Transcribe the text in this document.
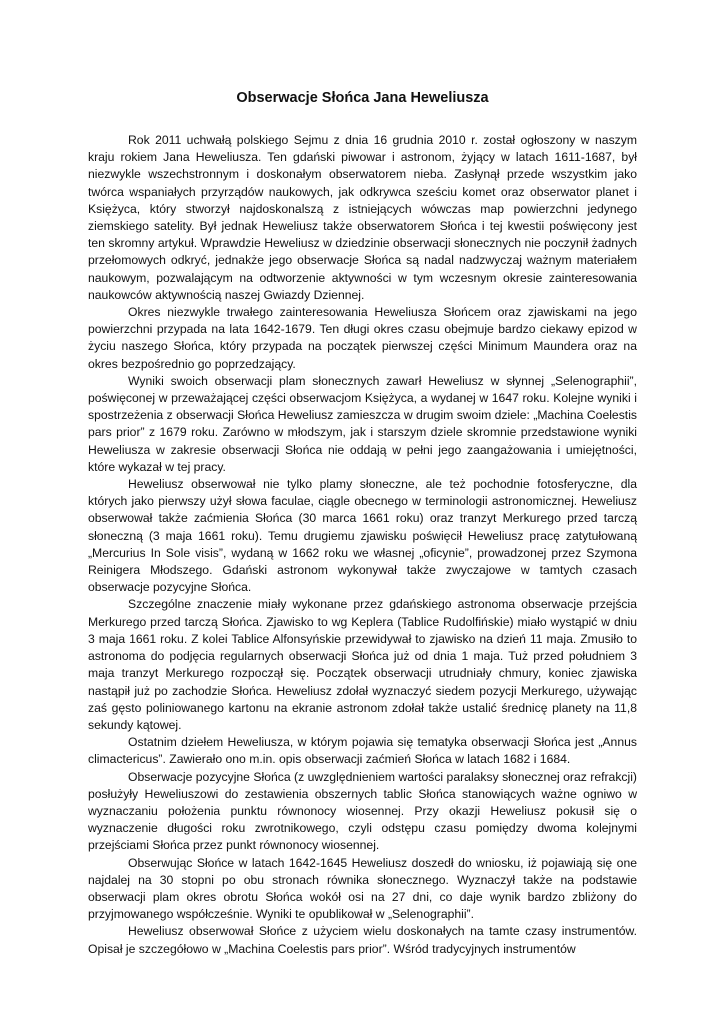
Obserwacje Słońca Jana Heweliusza

Rok 2011 uchwałą polskiego Sejmu z dnia 16 grudnia 2010 r. został ogłoszony w naszym kraju rokiem Jana Heweliusza. Ten gdański piwowar i astronom, żyjący w latach 1611-1687, był niezwykle wszechstronnym i doskonałym obserwatorem nieba. Zasłynął przede wszystkim jako twórca wspaniałych przyrządów naukowych, jak odkrywca sześciu komet oraz obserwator planet i Księżyca, który stworzył najdoskonalszą z istniejących wówczas map powierzchni jedynego ziemskiego satelity. Był jednak Heweliusz także obserwatorem Słońca i tej kwestii poświęcony jest ten skromny artykuł. Wprawdzie Heweliusz w dziedzinie obserwacji słonecznych nie poczynił żadnych przełomowych odkryć, jednakże jego obserwacje Słońca są nadal nadzwyczaj ważnym materiałem naukowym, pozwalającym na odtworzenie aktywności w tym wczesnym okresie zainteresowania naukowców aktywnością naszej Gwiazdy Dziennej.

Okres niezwykle trwałego zainteresowania Heweliusza Słońcem oraz zjawiskami na jego powierzchni przypada na lata 1642-1679. Ten długi okres czasu obejmuje bardzo ciekawy epizod w życiu naszego Słońca, który przypada na początek pierwszej części Minimum Maundera oraz na okres bezpośrednio go poprzedzający.

Wyniki swoich obserwacji plam słonecznych zawarł Heweliusz w słynnej „Selenographii”, poświęconej w przeważającej części obserwacjom Księżyca, a wydanej w 1647 roku. Kolejne wyniki i spostrzeżenia z obserwacji Słońca Heweliusz zamieszcza w drugim swoim dziele: „Machina Coelestis pars prior” z 1679 roku. Zarówno w młodszym, jak i starszym dziele skromnie przedstawione wyniki Heweliusza w zakresie obserwacji Słońca nie oddają w pełni jego zaangażowania i umiejętności, które wykazał w tej pracy.

Heweliusz obserwował nie tylko plamy słoneczne, ale też pochodnie fotosferyczne, dla których jako pierwszy użył słowa faculae, ciągle obecnego w terminologii astronomicznej. Heweliusz obserwował także zaćmienia Słońca (30 marca 1661 roku) oraz tranzyt Merkurego przed tarczą słoneczną (3 maja 1661 roku). Temu drugiemu zjawisku poświęcił Heweliusz pracę zatytułowaną „Mercurius In Sole visis”, wydaną w 1662 roku we własnej „oficynie”, prowadzonej przez Szymona Reinigera Młodszego. Gdański astronom wykonywał także zwyczajowe w tamtych czasach obserwacje pozycyjne Słońca.

Szczególne znaczenie miały wykonane przez gdańskiego astronoma obserwacje przejścia Merkurego przed tarczą Słońca. Zjawisko to wg Keplera (Tablice Rudolfińskie) miało wystąpić w dniu 3 maja 1661 roku. Z kolei Tablice Alfonsyńskie przewidywał to zjawisko na dzień 11 maja. Zmusiło to astronoma do podjęcia regularnych obserwacji Słońca już od dnia 1 maja. Tuż przed południem 3 maja tranzyt Merkurego rozpoczął się. Początek obserwacji utrudniały chmury, koniec zjawiska nastąpił już po zachodzie Słońca. Heweliusz zdołał wyznaczyć siedem pozycji Merkurego, używając zaś gęsto poliniowanego kartonu na ekranie astronom zdołał także ustalić średnicę planety na 11,8 sekundy kątowej.

Ostatnim dziełem Heweliusza, w którym pojawia się tematyka obserwacji Słońca jest „Annus climactericus”. Zawierało ono m.in. opis obserwacji zaćmień Słońca w latach 1682 i 1684.

Obserwacje pozycyjne Słońca (z uwzględnieniem wartości paralaksy słonecznej oraz refrakcji) posłużyły Heweliuszowi do zestawienia obszernych tablic Słońca stanowiących ważne ogniwo w wyznaczaniu położenia punktu równonocy wiosennej. Przy okazji Heweliusz pokusił się o wyznaczenie długości roku zwrotnikowego, czyli odstępu czasu pomiędzy dwoma kolejnymi przejściami Słońca przez punkt równonocy wiosennej.

Obserwując Słońce w latach 1642-1645 Heweliusz doszedł do wniosku, iż pojawiają się one najdalej na 30 stopni po obu stronach równika słonecznego. Wyznaczył także na podstawie obserwacji plam okres obrotu Słońca wokół osi na 27 dni, co daje wynik bardzo zbliżony do przyjmowanego współcześnie. Wyniki te opublikował w „Selenographii”.

Heweliusz obserwował Słońce z użyciem wielu doskonałych na tamte czasy instrumentów. Opisał je szczegółowo w „Machina Coelestis pars prior”. Wśród tradycyjnych instrumentów
